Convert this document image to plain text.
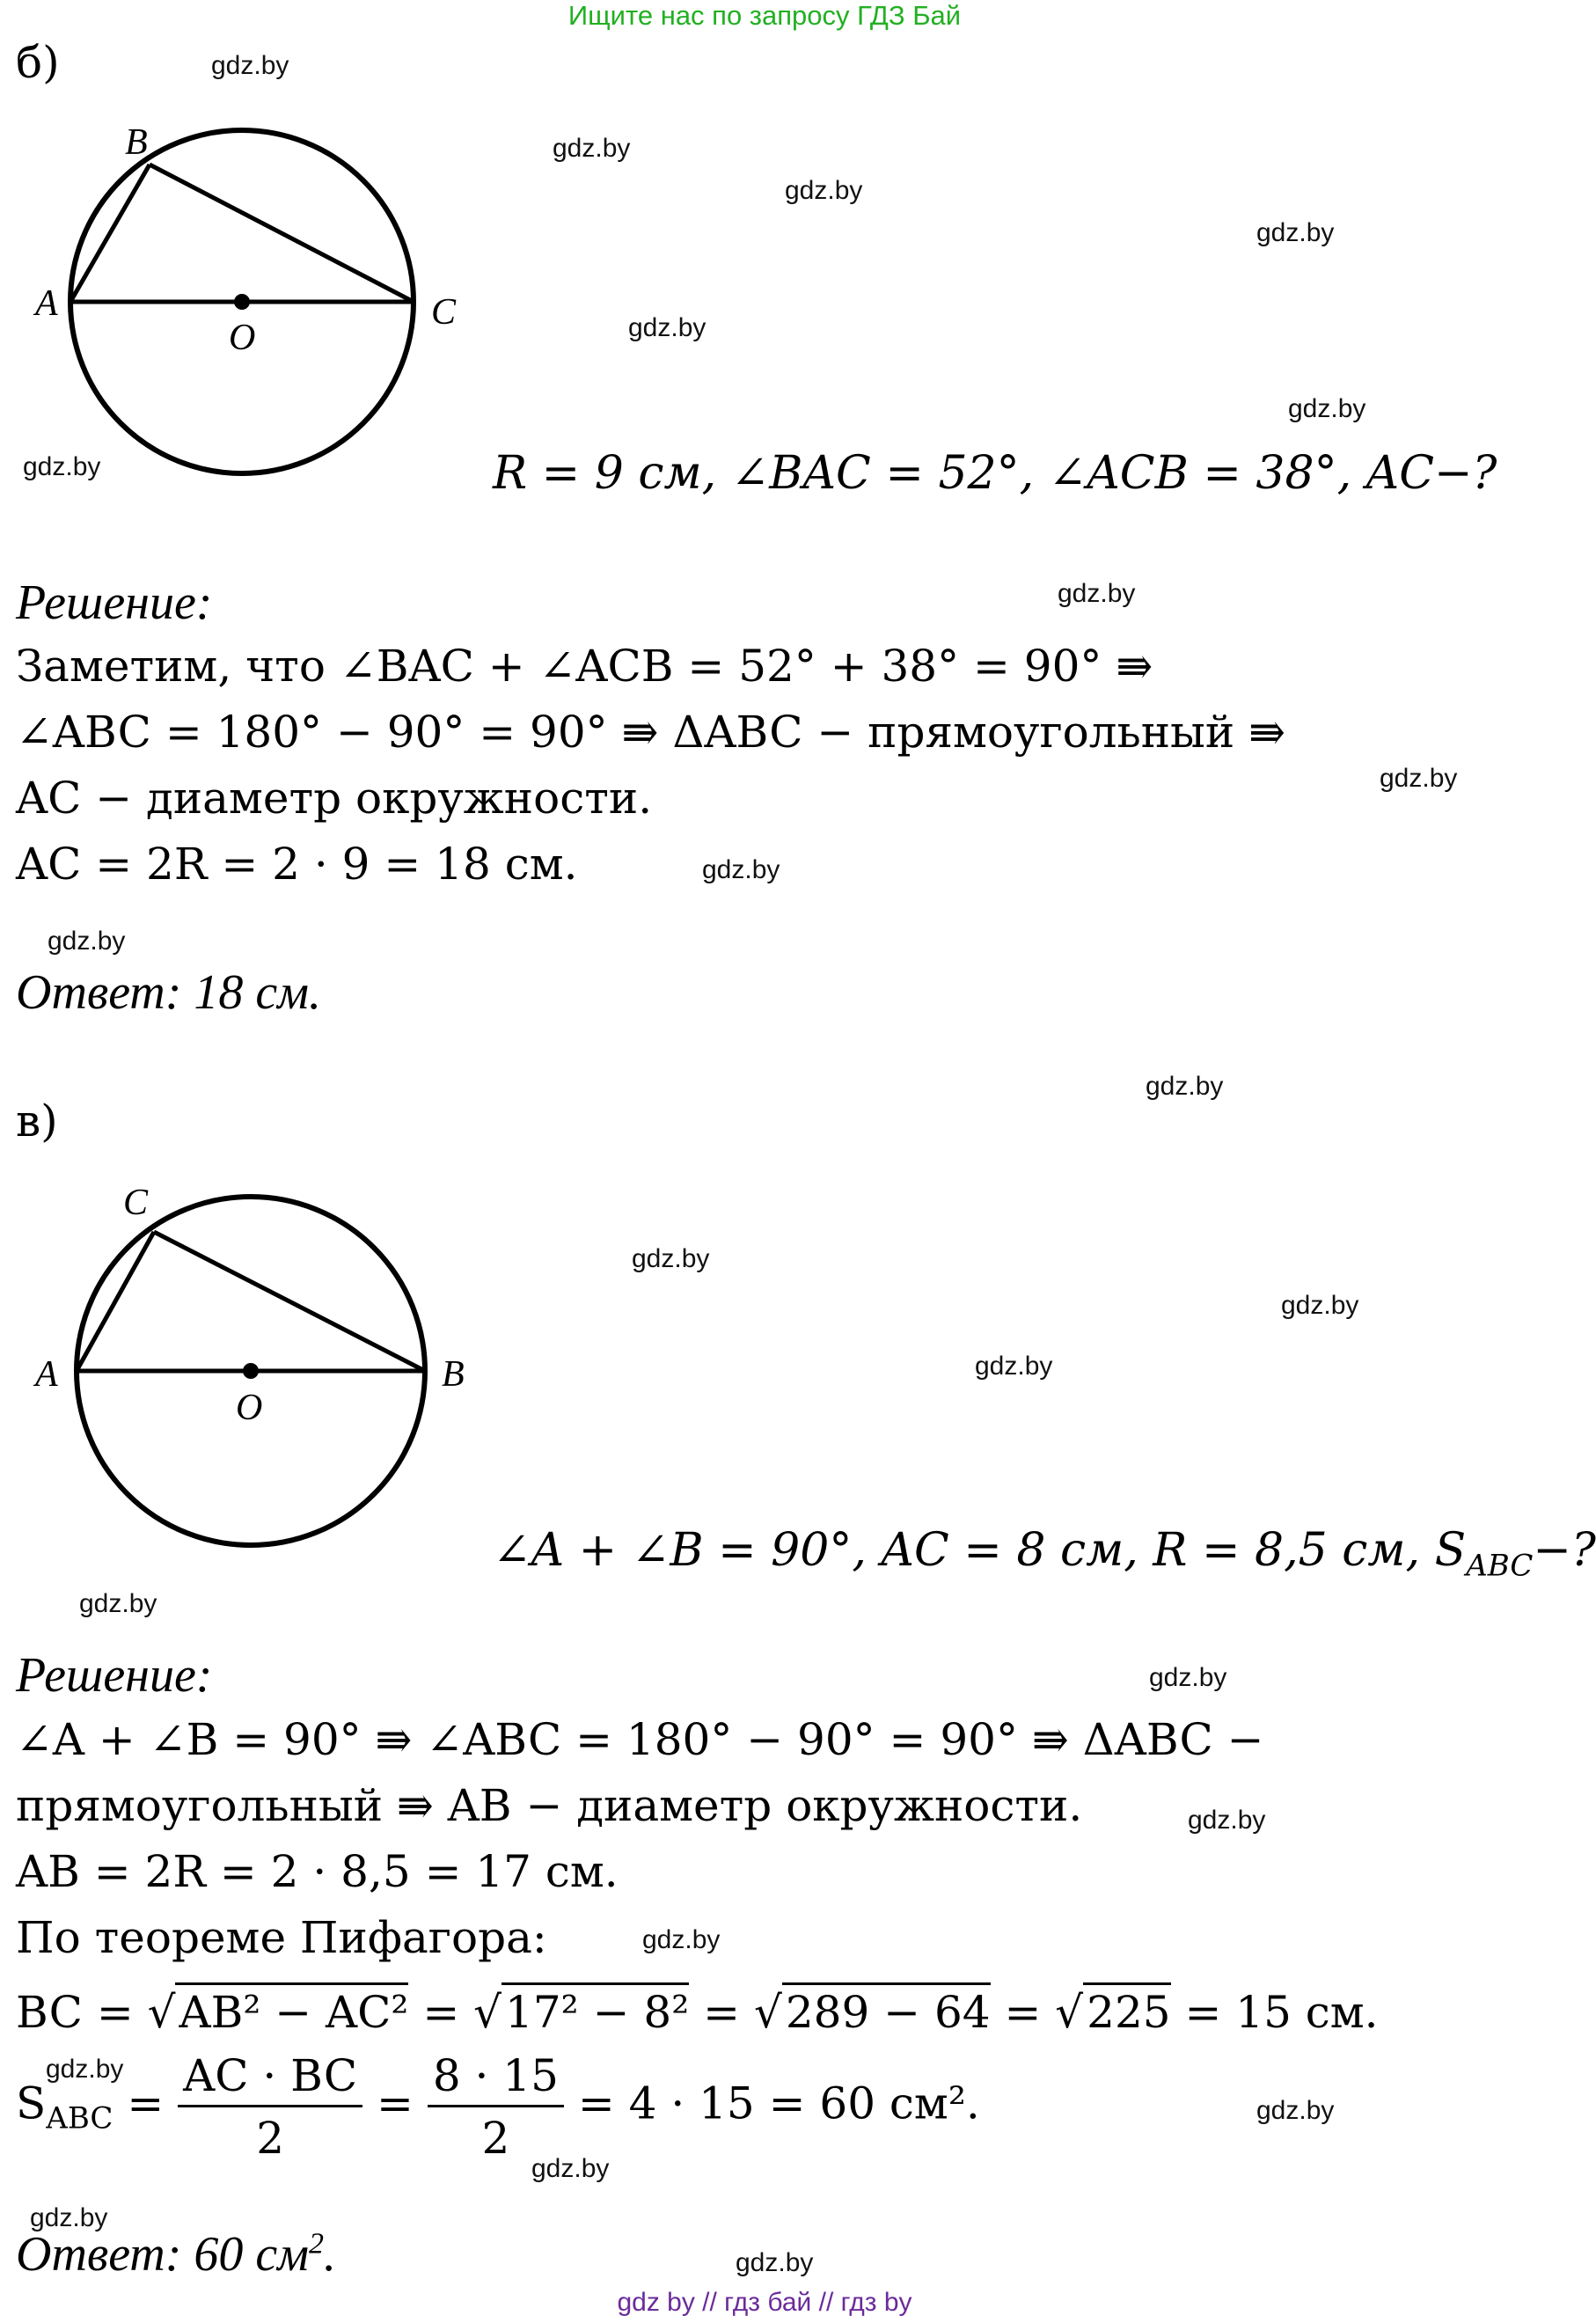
Ищите нас по запросу ГДЗ Бай
б)
B
A	C
O
R = 9 см, ∠BAC = 52°, ∠ACB = 38°, AC−?
Решение:
Заметим, что ∠BAC + ∠ACB = 52° + 38° = 90° ⇛
∠ABC = 180° − 90° = 90° ⇛ ΔABC − прямоугольный ⇛
AC − диаметр окружности.
AC = 2R = 2 · 9 = 18 см.
Ответ: 18 см.
в)
C
A	B
O
∠A + ∠B = 90°, AC = 8 см, R = 8,5 см, $S_{ABC}-$?
Решение:
∠A + ∠B = 90° ⇛ ∠ABC = 180° − 90° = 90° ⇛ ΔABC −
прямоугольный ⇛ AB − диаметр окружности.
AB = 2R = 2 · 8,5 = 17 см.
По теореме Пифагора:
BC = √AB² − AC² = √17² − 8² = √289 − 64 = √225 = 15 см.
$S_{ABC} = \frac{AC \cdot BC}{2} = \frac{8 \cdot 15}{2} = 4 \cdot 15 = 60$ см².
Ответ: 60 $см^2$.
gdz.by
gdz.by
gdz.by
gdz.by
gdz.by
gdz.by
gdz.by
gdz.by
gdz.by
gdz.by
gdz.by
gdz.by
gdz.by
gdz.by
gdz.by
gdz.by
gdz.by
gdz.by
gdz.by
gdz.by
gdz.by
gdz.by
gdz.by
gdz.by
gdz by // гдз бай // гдз by
